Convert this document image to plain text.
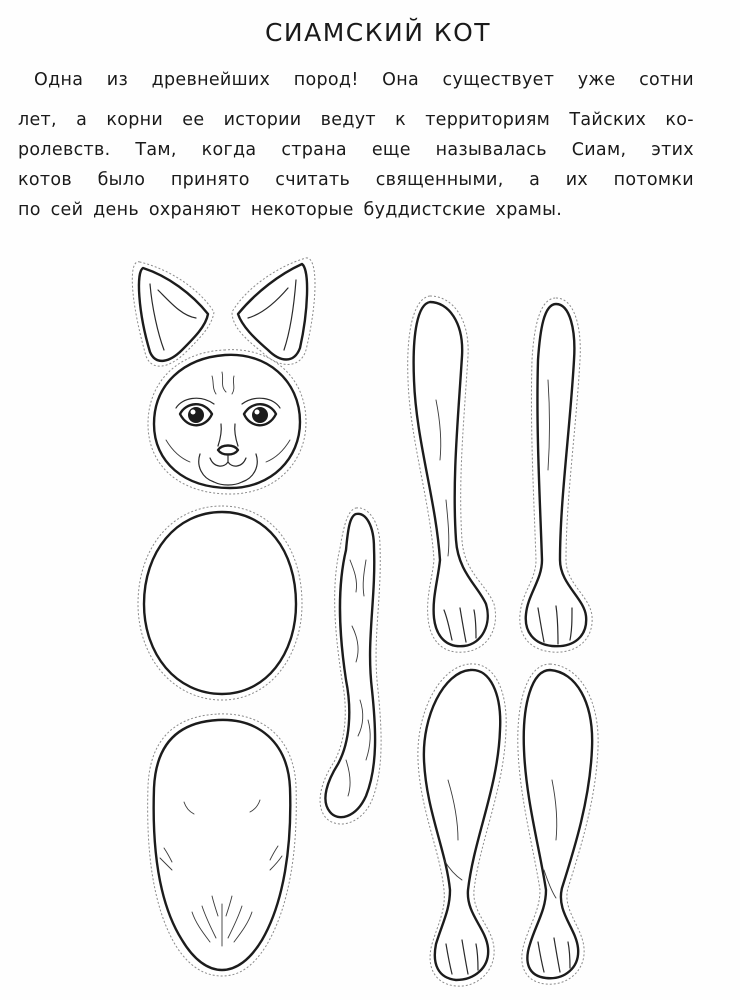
СИАМСКИЙ КОТ
Одна из древнейших пород! Она существует уже сотни
лет, а корни ее истории ведут к территориям Тайских ко-
ролевств. Там, когда страна еще называлась Сиам, этих
котов было принято считать священными, а их потомки
по сей день охраняют некоторые буддистские храмы.
